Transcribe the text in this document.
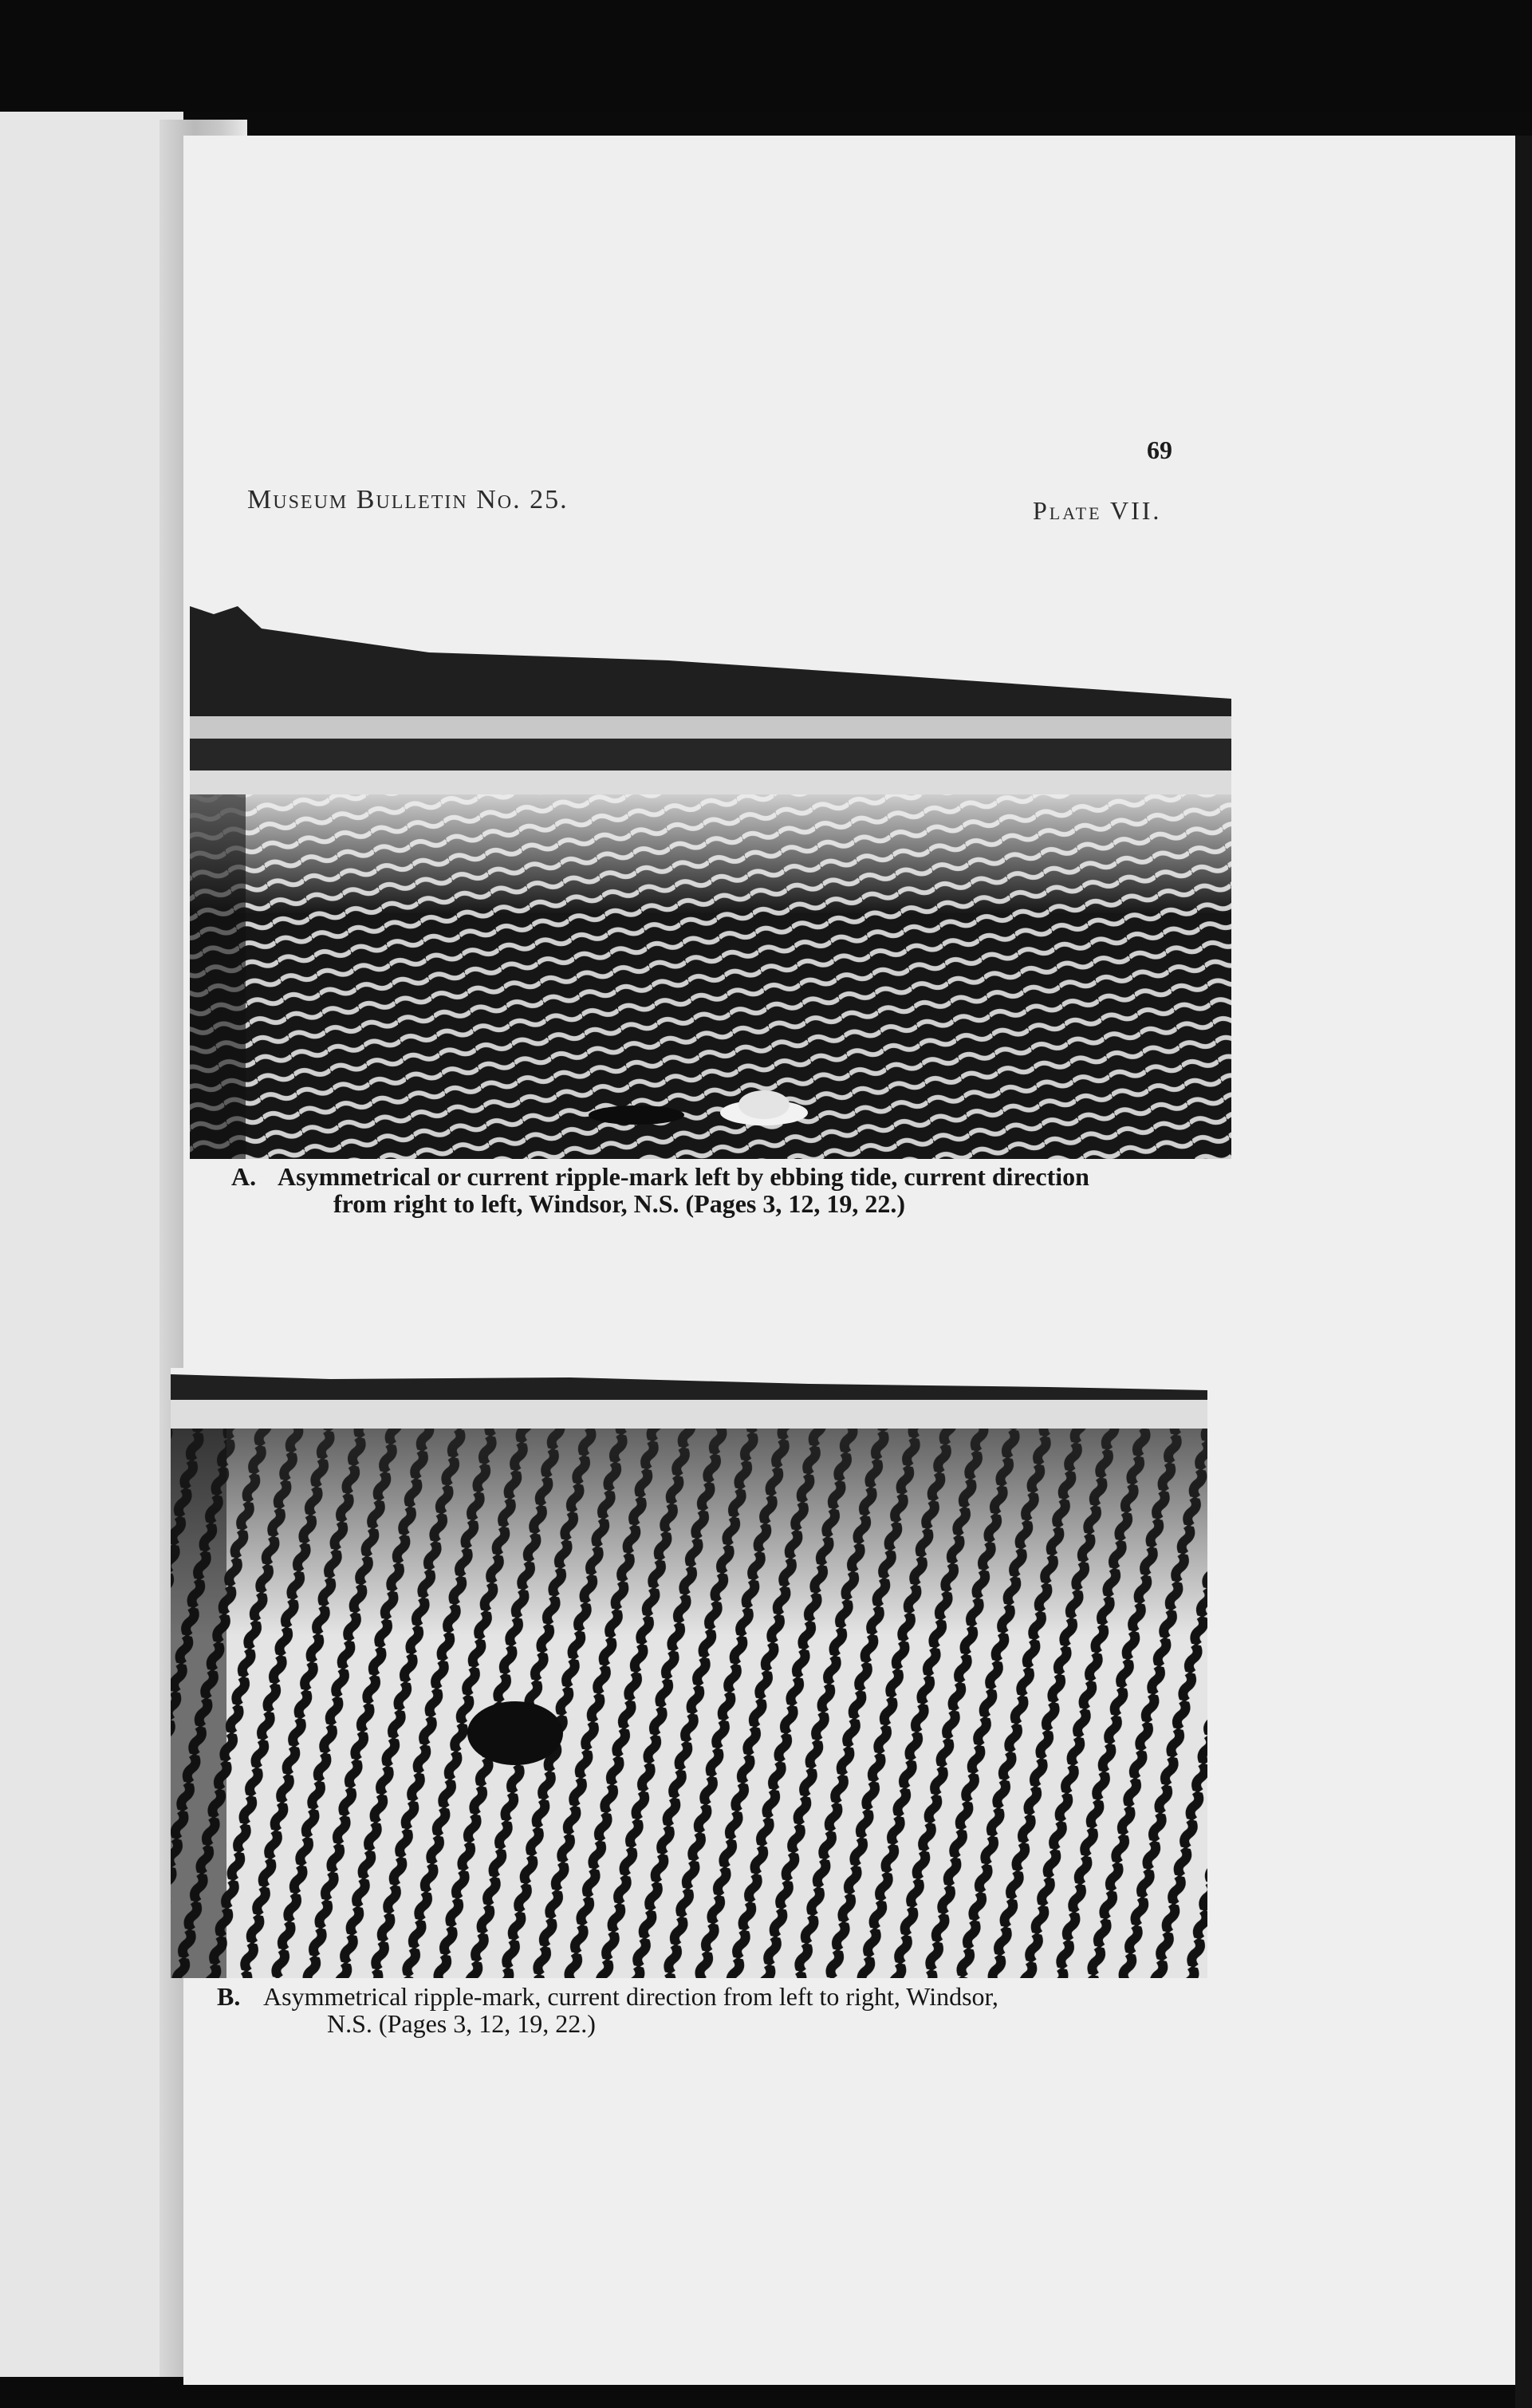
69
Museum Bulletin No. 25.	Plate VII.
A. Asymmetrical or current ripple-mark left by ebbing tide, current direction
from right to left, Windsor, N.S. (Pages 3, 12, 19, 22.)
B. Asymmetrical ripple-mark, current direction from left to right, Windsor,
N.S. (Pages 3, 12, 19, 22.)
